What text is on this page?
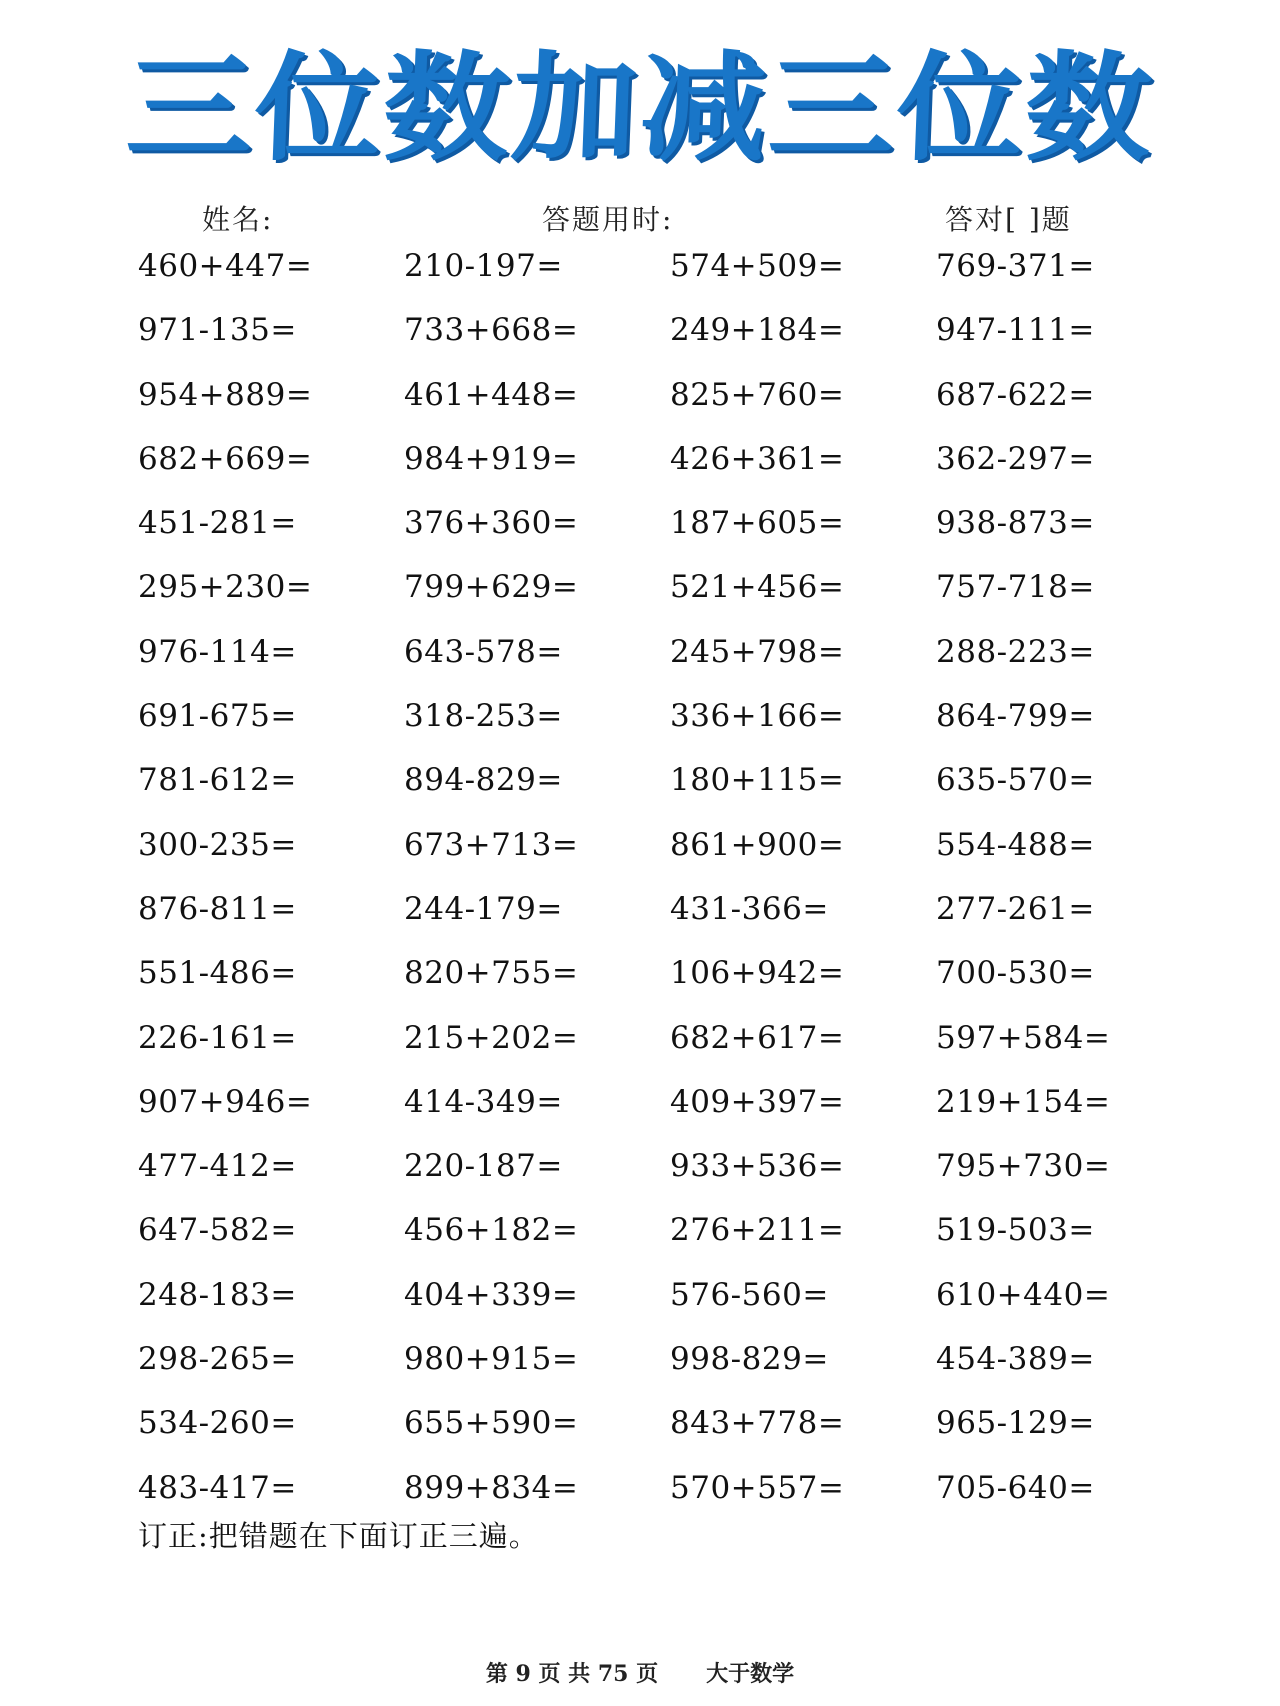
三位数加减三位数
姓名:	答题用时:	答对[ ]题
460+447=	210-197=	574+509=	769-371=
971-135=	733+668=	249+184=	947-111=
954+889=	461+448=	825+760=	687-622=
682+669=	984+919=	426+361=	362-297=
451-281=	376+360=	187+605=	938-873=
295+230=	799+629=	521+456=	757-718=
976-114=	643-578=	245+798=	288-223=
691-675=	318-253=	336+166=	864-799=
781-612=	894-829=	180+115=	635-570=
300-235=	673+713=	861+900=	554-488=
876-811=	244-179=	431-366=	277-261=
551-486=	820+755=	106+942=	700-530=
226-161=	215+202=	682+617=	597+584=
907+946=	414-349=	409+397=	219+154=
477-412=	220-187=	933+536=	795+730=
647-582=	456+182=	276+211=	519-503=
248-183=	404+339=	576-560=	610+440=
298-265=	980+915=	998-829=	454-389=
534-260=	655+590=	843+778=	965-129=
483-417=	899+834=	570+557=	705-640=
订正:把错题在下面订正三遍。
第 9 页 共 75 页 大于数学
